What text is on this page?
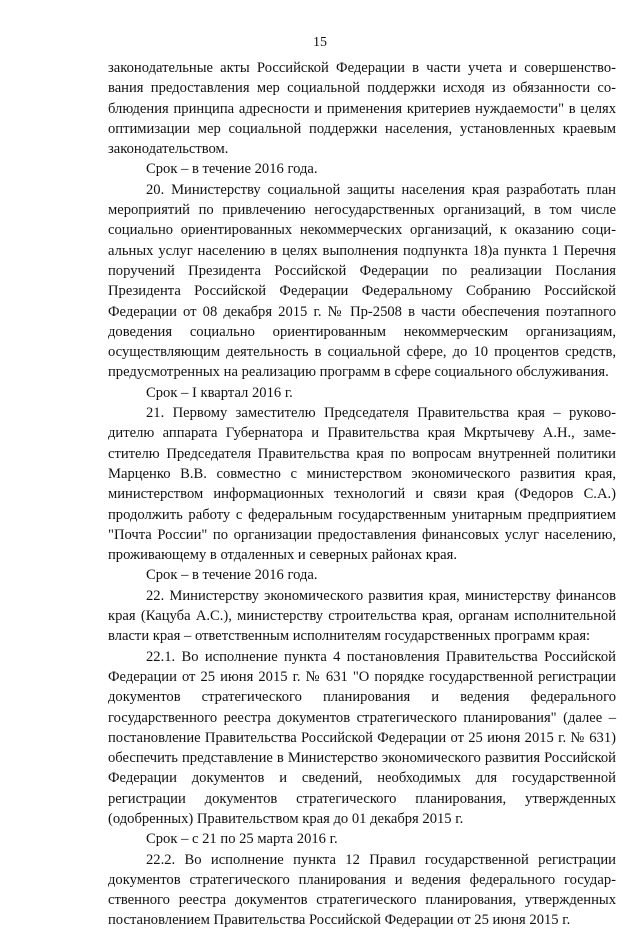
15

законодательные акты Российской Федерации в части учета и совершенствования предоставления мер социальной поддержки исходя из обязанности соблюдения принципа адресности и применения критериев нуждаемости" в целях оптимизации мер социальной поддержки населения, установленных краевым законодательством.

Срок – в течение 2016 года.

20. Министерству социальной защиты населения края разработать план мероприятий по привлечению негосударственных организаций, в том числе социально ориентированных некоммерческих организаций, к оказанию социальных услуг населению в целях выполнения подпункта 18)а пункта 1 Перечня поручений Президента Российской Федерации по реализации Послания Президента Российской Федерации Федеральному Собранию Российской Федерации от 08 декабря 2015 г. № Пр-2508 в части обеспечения поэтапного доведения социально ориентированным некоммерческим организациям, осуществляющим деятельность в социальной сфере, до 10 процентов средств, предусмотренных на реализацию программ в сфере социального обслуживания.

Срок – I квартал 2016 г.

21. Первому заместителю Председателя Правительства края – руководителю аппарата Губернатора и Правительства края Мкртычеву А.Н., заместителю Председателя Правительства края по вопросам внутренней политики Марценко В.В. совместно с министерством экономического развития края, министерством информационных технологий и связи края (Федоров С.А.) продолжить работу с федеральным государственным унитарным предприятием "Почта России" по организации предоставления финансовых услуг населению, проживающему в отдаленных и северных районах края.

Срок – в течение 2016 года.

22. Министерству экономического развития края, министерству финансов края (Кацуба А.С.), министерству строительства края, органам исполнительной власти края – ответственным исполнителям государственных программ края:

22.1. Во исполнение пункта 4 постановления Правительства Российской Федерации от 25 июня 2015 г. № 631 "О порядке государственной регистрации документов стратегического планирования и ведения федерального государственного реестра документов стратегического планирования" (далее – постановление Правительства Российской Федерации от 25 июня 2015 г. № 631) обеспечить представление в Министерство экономического развития Российской Федерации документов и сведений, необходимых для государственной регистрации документов стратегического планирования, утвержденных (одобренных) Правительством края до 01 декабря 2015 г.

Срок – с 21 по 25 марта 2016 г.

22.2. Во исполнение пункта 12 Правил государственной регистрации документов стратегического планирования и ведения федерального государственного реестра документов стратегического планирования, утвержденных постановлением Правительства Российской Федерации от 25 июня 2015 г.
